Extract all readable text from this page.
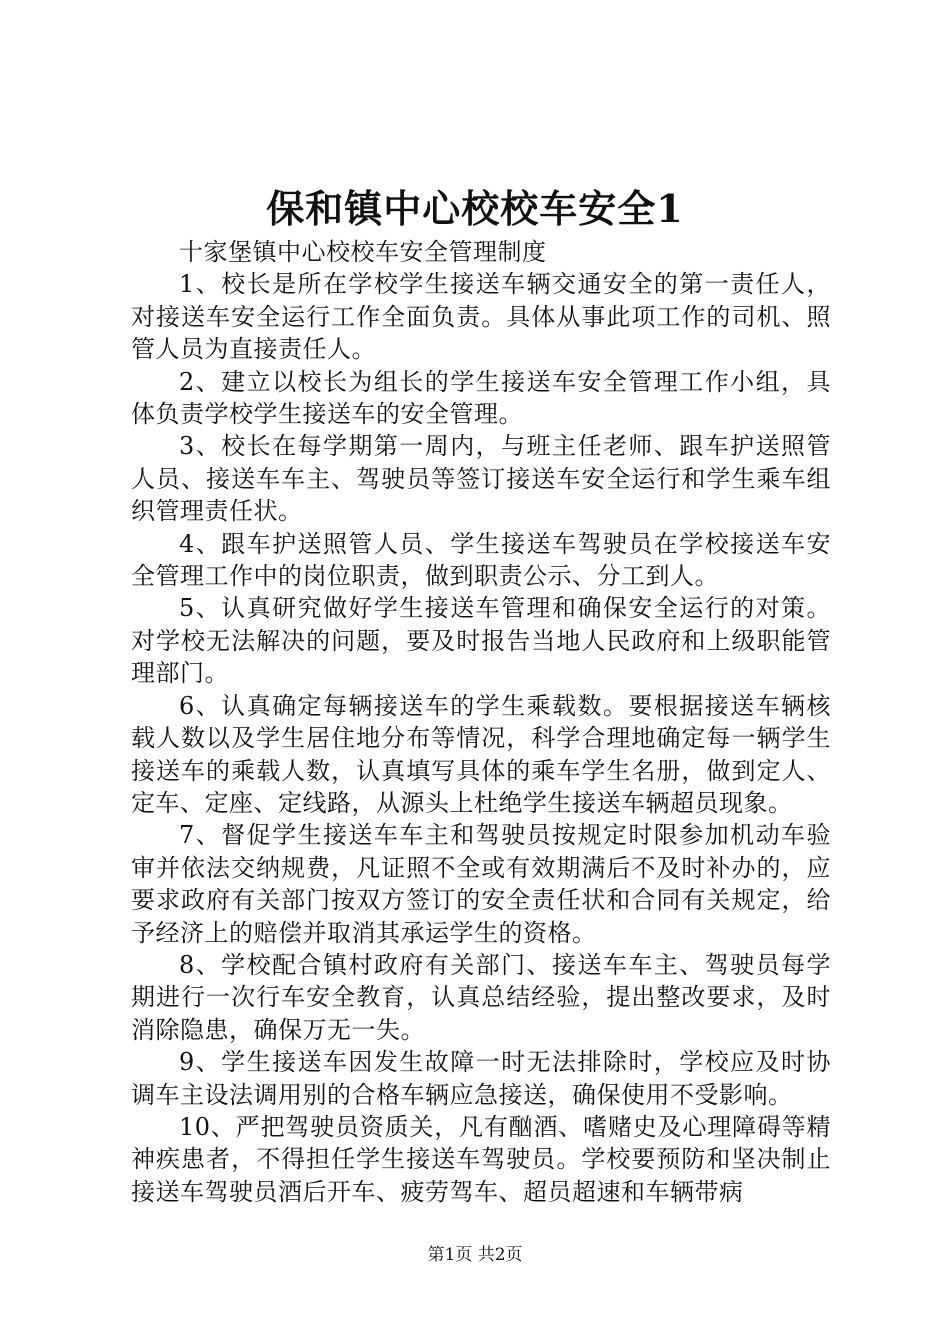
保和镇中心校校车安全1

十家堡镇中心校校车安全管理制度

1、校长是所在学校学生接送车辆交通安全的第一责任人，对接送车安全运行工作全面负责。具体从事此项工作的司机、照管人员为直接责任人。

2、建立以校长为组长的学生接送车安全管理工作小组，具体负责学校学生接送车的安全管理。

3、校长在每学期第一周内，与班主任老师、跟车护送照管人员、接送车车主、驾驶员等签订接送车安全运行和学生乘车组织管理责任状。

4、跟车护送照管人员、学生接送车驾驶员在学校接送车安全管理工作中的岗位职责，做到职责公示、分工到人。

5、认真研究做好学生接送车管理和确保安全运行的对策。对学校无法解决的问题，要及时报告当地人民政府和上级职能管理部门。

6、认真确定每辆接送车的学生乘载数。要根据接送车辆核载人数以及学生居住地分布等情况，科学合理地确定每一辆学生接送车的乘载人数，认真填写具体的乘车学生名册，做到定人、定车、定座、定线路，从源头上杜绝学生接送车辆超员现象。

7、督促学生接送车车主和驾驶员按规定时限参加机动车验审并依法交纳规费，凡证照不全或有效期满后不及时补办的，应要求政府有关部门按双方签订的安全责任状和合同有关规定，给予经济上的赔偿并取消其承运学生的资格。

8、学校配合镇村政府有关部门、接送车车主、驾驶员每学期进行一次行车安全教育，认真总结经验，提出整改要求，及时消除隐患，确保万无一失。

9、学生接送车因发生故障一时无法排除时，学校应及时协调车主设法调用别的合格车辆应急接送，确保使用不受影响。

10、严把驾驶员资质关，凡有酗酒、嗜赌史及心理障碍等精神疾患者，不得担任学生接送车驾驶员。学校要预防和坚决制止接送车驾驶员酒后开车、疲劳驾车、超员超速和车辆带病

第1页 共2页
